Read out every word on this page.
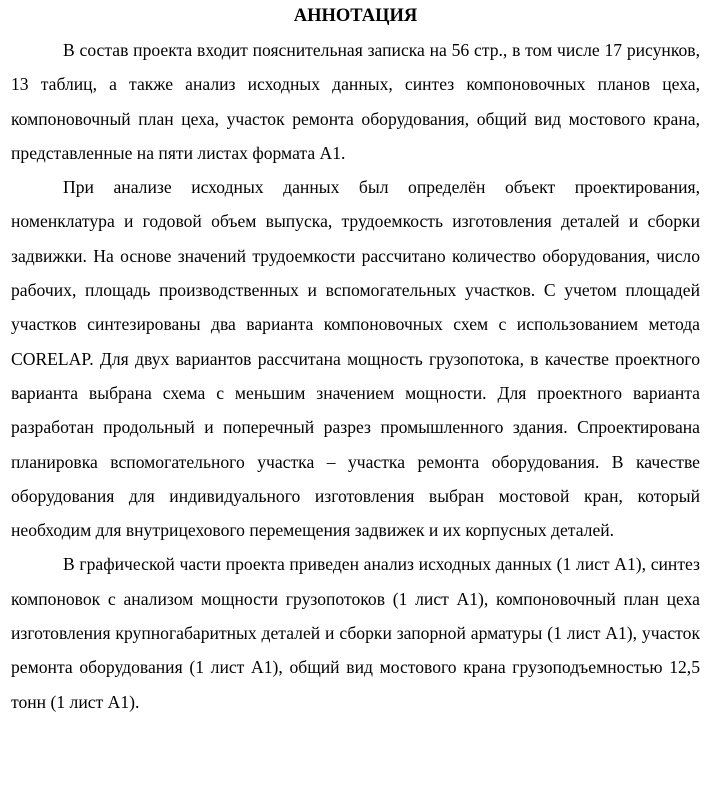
АННОТАЦИЯ

В состав проекта входит пояснительная записка на 56 стр., в том числе 17 рисунков, 13 таблиц, а также анализ исходных данных, синтез компоновочных планов цеха, компоновочный план цеха, участок ремонта оборудования, общий вид мостового крана, представленные на пяти листах формата А1.

При анализе исходных данных был определён объект проектирования, номенклатура и годовой объем выпуска, трудоемкость изготовления деталей и сборки задвижки. На основе значений трудоемкости рассчитано количество оборудования, число рабочих, площадь производственных и вспомогательных участков. С учетом площадей участков синтезированы два варианта компоновочных схем с использованием метода CORELAP. Для двух вариантов рассчитана мощность грузопотока, в качестве проектного варианта выбрана схема с меньшим значением мощности. Для проектного варианта разработан продольный и поперечный разрез промышленного здания. Спроектирована планировка вспомогательного участка – участка ремонта оборудования. В качестве оборудования для индивидуального изготовления выбран мостовой кран, который необходим для внутрицехового перемещения задвижек и их корпусных деталей.

В графической части проекта приведен анализ исходных данных (1 лист А1), синтез компоновок с анализом мощности грузопотоков (1 лист А1), компоновочный план цеха изготовления крупногабаритных деталей и сборки запорной арматуры (1 лист А1), участок ремонта оборудования (1 лист А1), общий вид мостового крана грузоподъемностью 12,5 тонн (1 лист А1).
